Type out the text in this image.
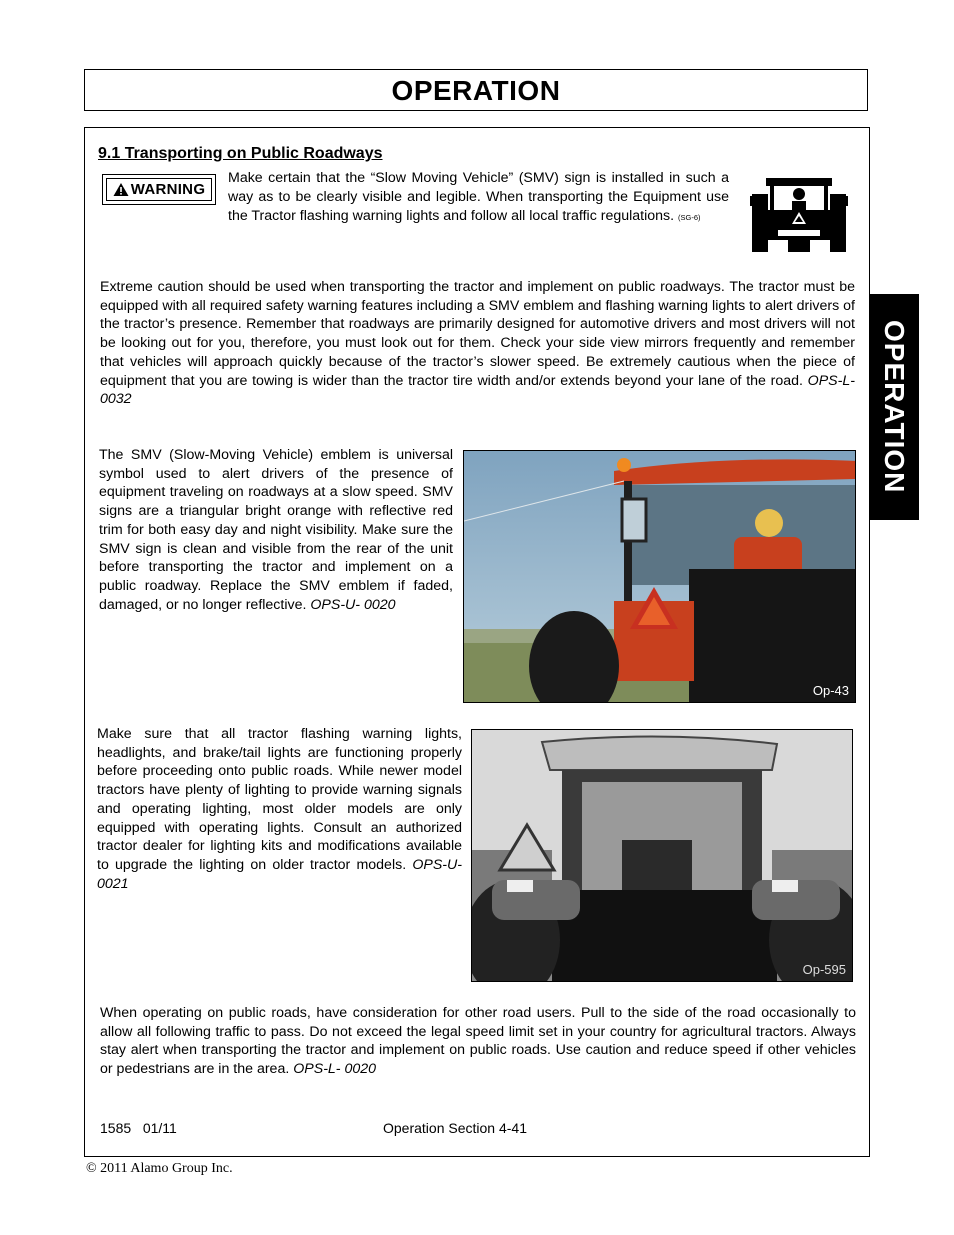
OPERATION
OPERATION
9.1 Transporting on Public Roadways
WARNING
Make certain that the “Slow Moving Vehicle” (SMV) sign is installed in such a way as to be clearly visible and legible. When transporting the Equipment use the Tractor flashing warning lights and follow all local traffic regulations. (SG-6)
Extreme caution should be used when transporting the tractor and implement on public roadways. The tractor must be equipped with all required safety warning features including a SMV emblem and flashing warning lights to alert drivers of the tractor’s presence. Remember that roadways are primarily designed for automotive drivers and most drivers will not be looking out for you, therefore, you must look out for them. Check your side view mirrors frequently and remember that vehicles will approach quickly because of the tractor’s slower speed. Be extremely cautious when the piece of equipment that you are towing is wider than the tractor tire width and/or extends beyond your lane of the road. OPS-L- 0032
The SMV (Slow-Moving Vehicle) emblem is universal symbol used to alert drivers of the presence of equipment traveling on roadways at a slow speed. SMV signs are a triangular bright orange with reflective red trim for both easy day and night visibility. Make sure the SMV sign is clean and visible from the rear of the unit before transporting the tractor and implement on a public roadway. Replace the SMV emblem if faded, damaged, or no longer reflective. OPS-U- 0020
Op-43
Make sure that all tractor flashing warning lights, headlights, and brake/tail lights are functioning properly before proceeding onto public roads. While newer model tractors have plenty of lighting to provide warning signals and operating lighting, most older models are only equipped with operating lights. Consult an authorized tractor dealer for lighting kits and modifications available to upgrade the lighting on older tractor models. OPS-U- 0021
Op-595
When operating on public roads, have consideration for other road users. Pull to the side of the road occasionally to allow all following traffic to pass. Do not exceed the legal speed limit set in your country for agricultural tractors. Always stay alert when transporting the tractor and implement on public roads. Use caution and reduce speed if other vehicles or pedestrians are in the area. OPS-L- 0020
1585   01/11	Operation Section 4-41
© 2011 Alamo Group Inc.
